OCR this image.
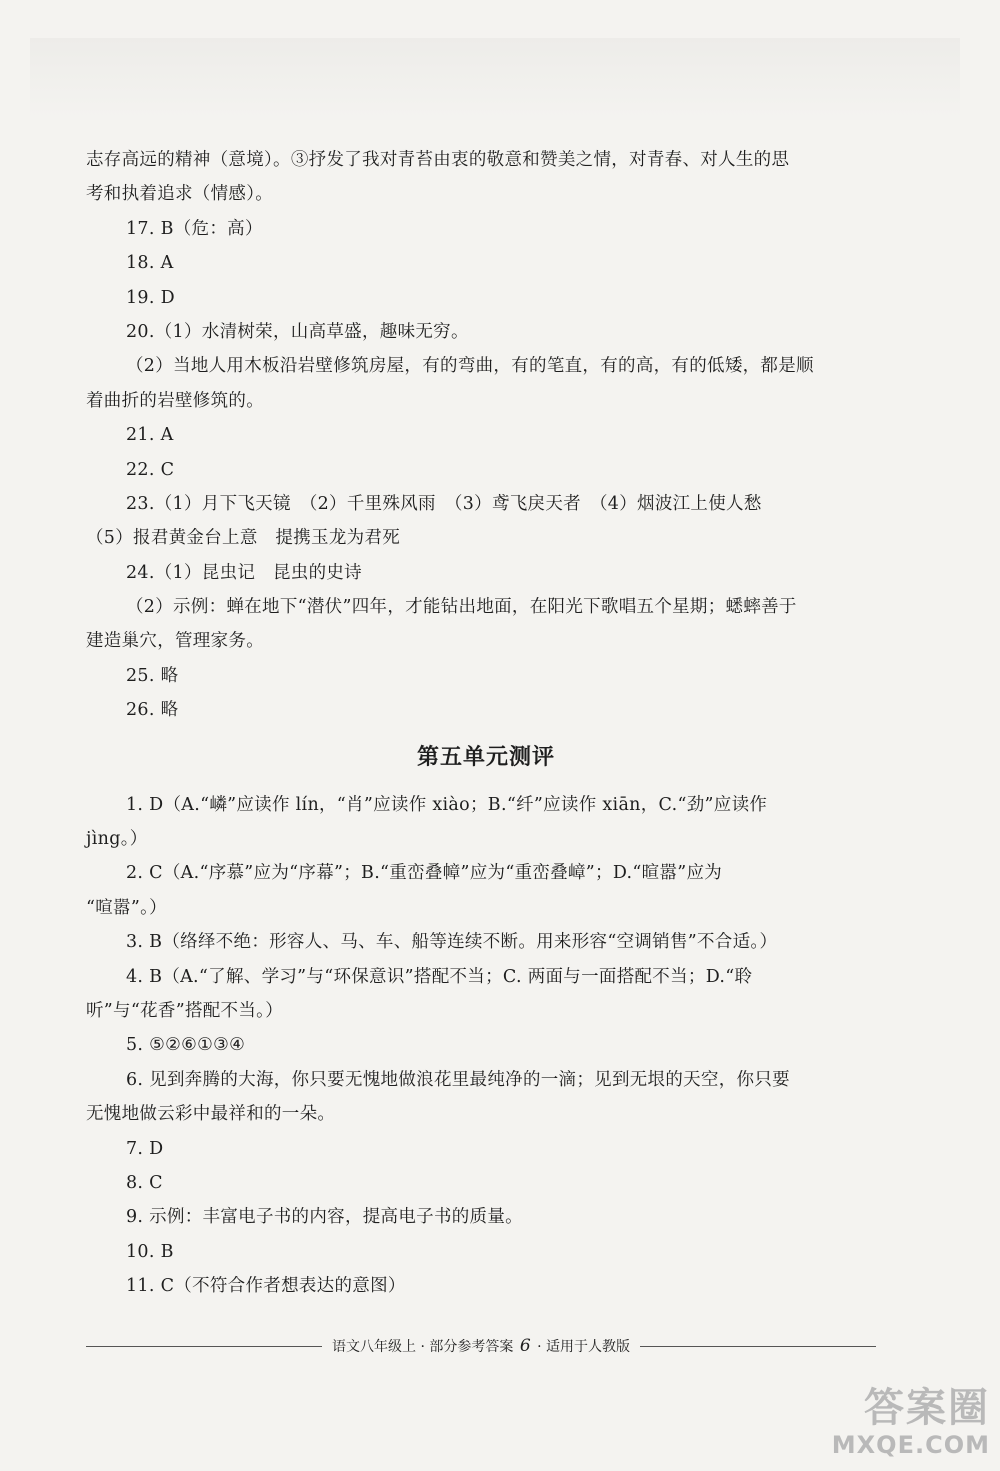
志存高远的精神（意境）。③抒发了我对青苔由衷的敬意和赞美之情，对青春、对人生的思
考和执着追求（情感）。
17. B（危：高）
18. A
19. D
20.（1）水清树荣，山高草盛，趣味无穷。
（2）当地人用木板沿岩壁修筑房屋，有的弯曲，有的笔直，有的高，有的低矮，都是顺
着曲折的岩壁修筑的。
21. A
22. C
23.（1）月下飞天镜　（2）千里殊风雨　（3）鸢飞戾天者　（4）烟波江上使人愁
（5）报君黄金台上意　提携玉龙为君死
24.（1）昆虫记　昆虫的史诗
（2）示例：蝉在地下“潜伏”四年，才能钻出地面，在阳光下歌唱五个星期；蟋蟀善于
建造巢穴，管理家务。
25. 略
26. 略
第五单元测评
1. D（A.“嶙”应读作 lín，“肖”应读作 xiào；B.“纤”应读作 xiān，C.“劲”应读作
jìng。）
2. C（A.“序慕”应为“序幕”；B.“重峦叠幛”应为“重峦叠嶂”；D.“暄嚣”应为
“喧嚣”。）
3. B（络绎不绝：形容人、马、车、船等连续不断。用来形容“空调销售”不合适。）
4. B（A.“了解、学习”与“环保意识”搭配不当；C. 两面与一面搭配不当；D.“聆
听”与“花香”搭配不当。）
5. ⑤②⑥①③④
6. 见到奔腾的大海，你只要无愧地做浪花里最纯净的一滴；见到无垠的天空，你只要
无愧地做云彩中最祥和的一朵。
7. D
8. C
9. 示例：丰富电子书的内容，提高电子书的质量。
10. B
11. C（不符合作者想表达的意图）
语文八年级上 · 部分参考答案 6 · 适用于人教版
答案圈
MXQE.COM
